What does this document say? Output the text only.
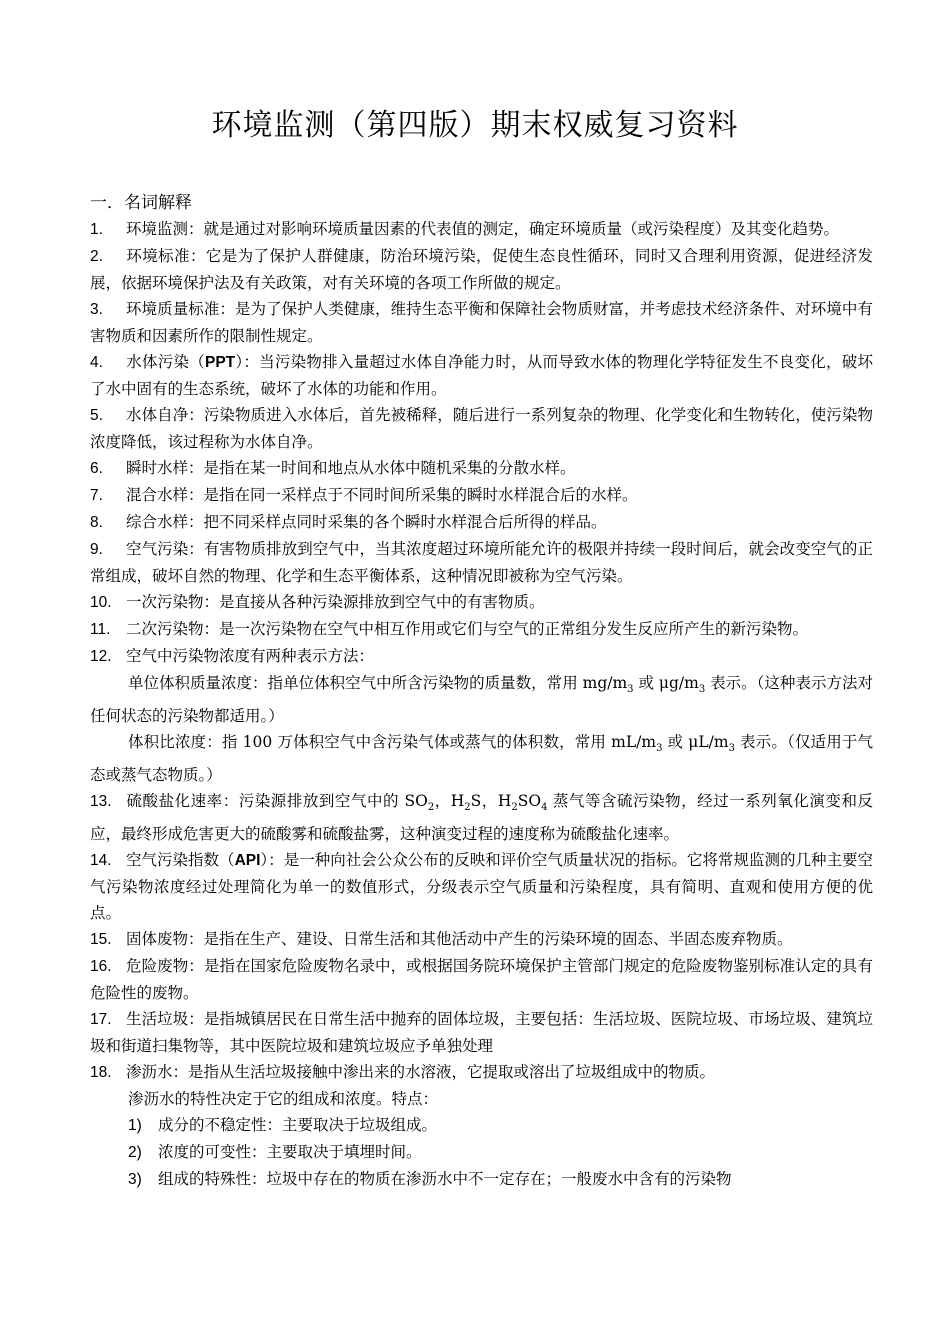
环境监测（第四版）期末权威复习资料
一．名词解释

1. 环境监测：就是通过对影响环境质量因素的代表值的测定，确定环境质量（或污染程度）及其变化趋势。

2. 环境标准：它是为了保护人群健康，防治环境污染，促使生态良性循环，同时又合理利用资源，促进经济发展，依据环境保护法及有关政策，对有关环境的各项工作所做的规定。

3. 环境质量标准：是为了保护人类健康，维持生态平衡和保障社会物质财富，并考虑技术经济条件、对环境中有害物质和因素所作的限制性规定。

4. 水体污染（PPT）：当污染物排入量超过水体自净能力时，从而导致水体的物理化学特征发生不良变化，破坏了水中固有的生态系统，破坏了水体的功能和作用。

5. 水体自净：污染物质进入水体后，首先被稀释，随后进行一系列复杂的物理、化学变化和生物转化，使污染物浓度降低，该过程称为水体自净。

6. 瞬时水样：是指在某一时间和地点从水体中随机采集的分散水样。

7. 混合水样：是指在同一采样点于不同时间所采集的瞬时水样混合后的水样。

8. 综合水样：把不同采样点同时采集的各个瞬时水样混合后所得的样品。

9. 空气污染：有害物质排放到空气中，当其浓度超过环境所能允许的极限并持续一段时间后，就会改变空气的正常组成，破坏自然的物理、化学和生态平衡体系，这种情况即被称为空气污染。

10. 一次污染物：是直接从各种污染源排放到空气中的有害物质。

11. 二次污染物：是一次污染物在空气中相互作用或它们与空气的正常组分发生反应所产生的新污染物。

12. 空气中污染物浓度有两种表示方法：

单位体积质量浓度：指单位体积空气中所含污染物的质量数，常用 $mg/m_3$ 或 $\mu g/m_3$ 表示。（这种表示方法对任何状态的污染物都适用。）

体积比浓度：指 100 万体积空气中含污染气体或蒸气的体积数，常用 $mL/m_3$ 或 $\mu L/m_3$ 表示。（仅适用于气态或蒸气态物质。）

13. 硫酸盐化速率：污染源排放到空气中的 $SO_2$，$H_2S$，$H_2SO_4$ 蒸气等含硫污染物，经过一系列氧化演变和反应，最终形成危害更大的硫酸雾和硫酸盐雾，这种演变过程的速度称为硫酸盐化速率。

14. 空气污染指数（API）：是一种向社会公众公布的反映和评价空气质量状况的指标。它将常规监测的几种主要空气污染物浓度经过处理简化为单一的数值形式，分级表示空气质量和污染程度，具有简明、直观和使用方便的优点。

15. 固体废物：是指在生产、建设、日常生活和其他活动中产生的污染环境的固态、半固态废弃物质。

16. 危险废物：是指在国家危险废物名录中，或根据国务院环境保护主管部门规定的危险废物鉴别标准认定的具有危险性的废物。

17. 生活垃圾：是指城镇居民在日常生活中抛弃的固体垃圾，主要包括：生活垃圾、医院垃圾、市场垃圾、建筑垃圾和街道扫集物等，其中医院垃圾和建筑垃圾应予单独处理

18. 渗沥水：是指从生活垃圾接触中渗出来的水溶液，它提取或溶出了垃圾组成中的物质。

渗沥水的特性决定于它的组成和浓度。特点：

1) 成分的不稳定性：主要取决于垃圾组成。

2) 浓度的可变性：主要取决于填埋时间。

3) 组成的特殊性：垃圾中存在的物质在渗沥水中不一定存在；一般废水中含有的污染物
